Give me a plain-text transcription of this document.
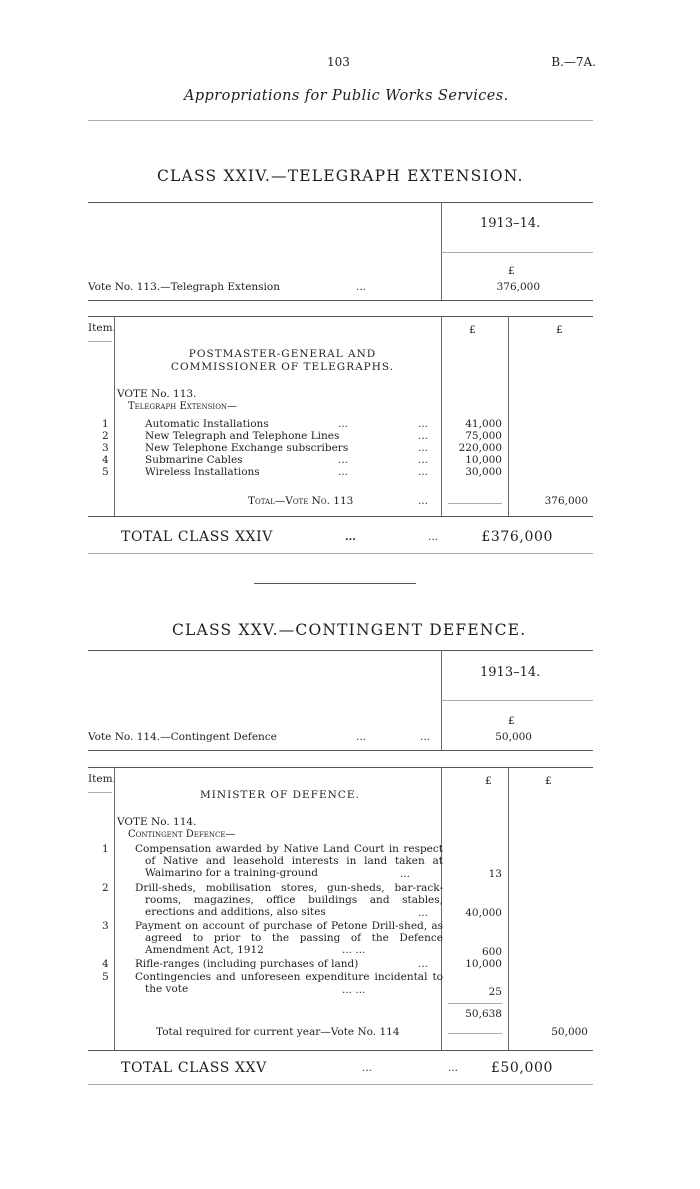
103	B.—7A.
Appropriations for Public Works Services.
CLASS XXIV.—TELEGRAPH EXTENSION.
1913–14.
£
Vote No. 113.—Telegraph Extension	...	376,000
Item.	£	£
POSTMASTER-GENERAL AND COMMISSIONER OF TELEGRAPHS.
VOTE No. 113.
Telegraph Extension—
1	Automatic Installations	...	...	41,000
2	New Telegraph and Telephone Lines	...	75,000
3	New Telephone Exchange subscribers	...	220,000
4	Submarine Cables	...	...	10,000
5	Wireless Installations	...	...	30,000
Total—Vote No. 113	...	376,000
TOTAL CLASS XXIV	...	...	£376,000
CLASS XXV.—CONTINGENT DEFENCE.
1913–14.
£
Vote No. 114.—Contingent Defence	...	...	50,000
Item.	£	£
MINISTER OF DEFENCE.
VOTE No. 114.
Contingent Defence—
1	Compensation awarded by Native Land Court in respect of Native and leasehold interests in land taken at Waimarino for a training-ground	...	13
2	Drill-sheds, mobilisation stores, gun-sheds, bar-rack-rooms, magazines, office buildings and stables, erections and additions, also sites	...	40,000
3	Payment on account of purchase of Petone Drill-shed, as agreed to prior to the passing of the Defence Amendment Act, 1912	... ...	600
4	Rifle-ranges (including purchases of land)	...	10,000
5	Contingencies and unforeseen expenditure incidental to the vote	... ...	25
50,638
Total required for current year—Vote No. 114	50,000
TOTAL CLASS XXV	...	...	£50,000
